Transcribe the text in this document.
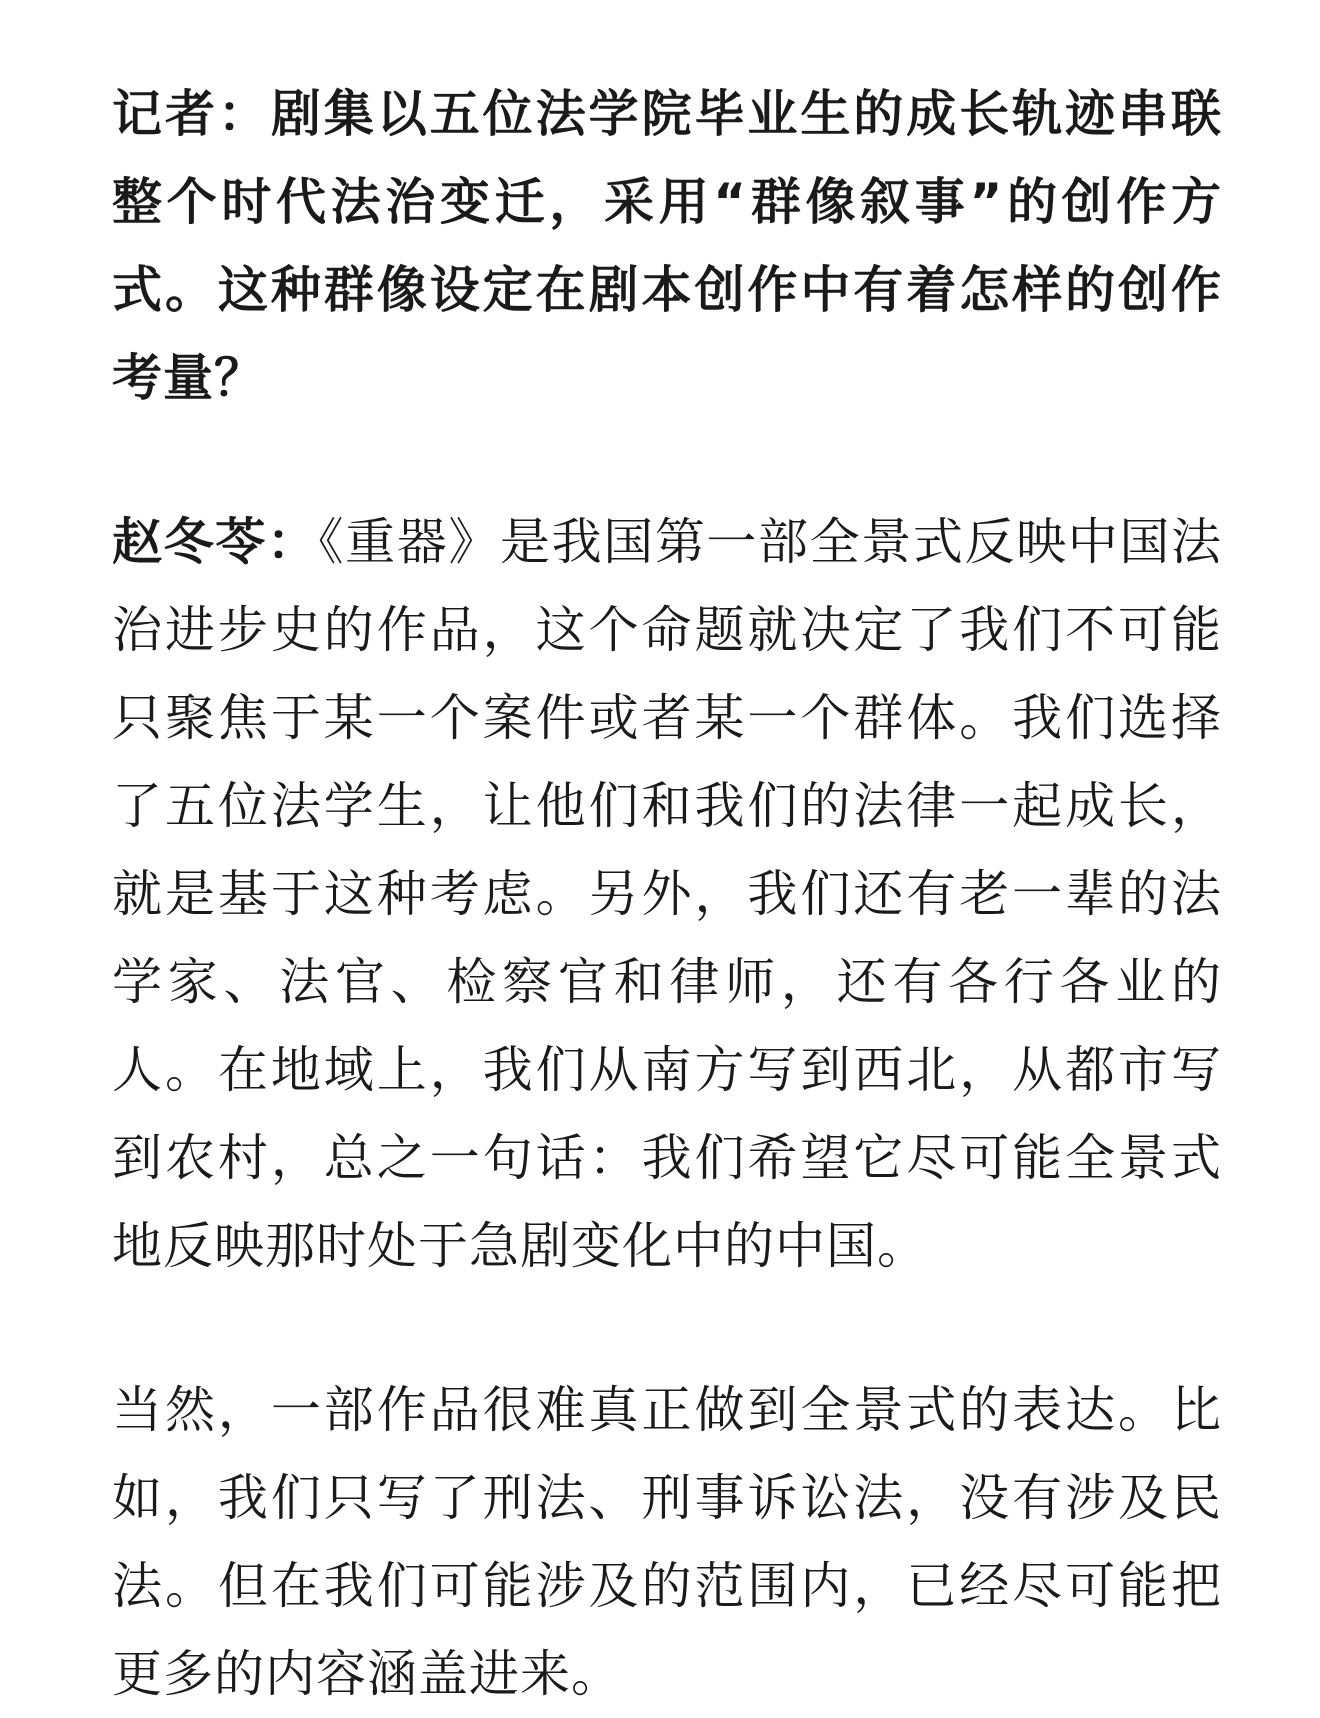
记者：剧集以五位法学院毕业生的成长轨迹串联整个时代法治变迁，采用“群像叙事”的创作方式。这种群像设定在剧本创作中有着怎样的创作考量？

赵冬苓：《重器》是我国第一部全景式反映中国法治进步史的作品，这个命题就决定了我们不可能只聚焦于某一个案件或者某一个群体。我们选择了五位法学生，让他们和我们的法律一起成长，就是基于这种考虑。另外，我们还有老一辈的法学家、法官、检察官和律师，还有各行各业的人。在地域上，我们从南方写到西北，从都市写到农村，总之一句话：我们希望它尽可能全景式地反映那时处于急剧变化中的中国。

当然，一部作品很难真正做到全景式的表达。比如，我们只写了刑法、刑事诉讼法，没有涉及民法。但在我们可能涉及的范围内，已经尽可能把更多的内容涵盖进来。
